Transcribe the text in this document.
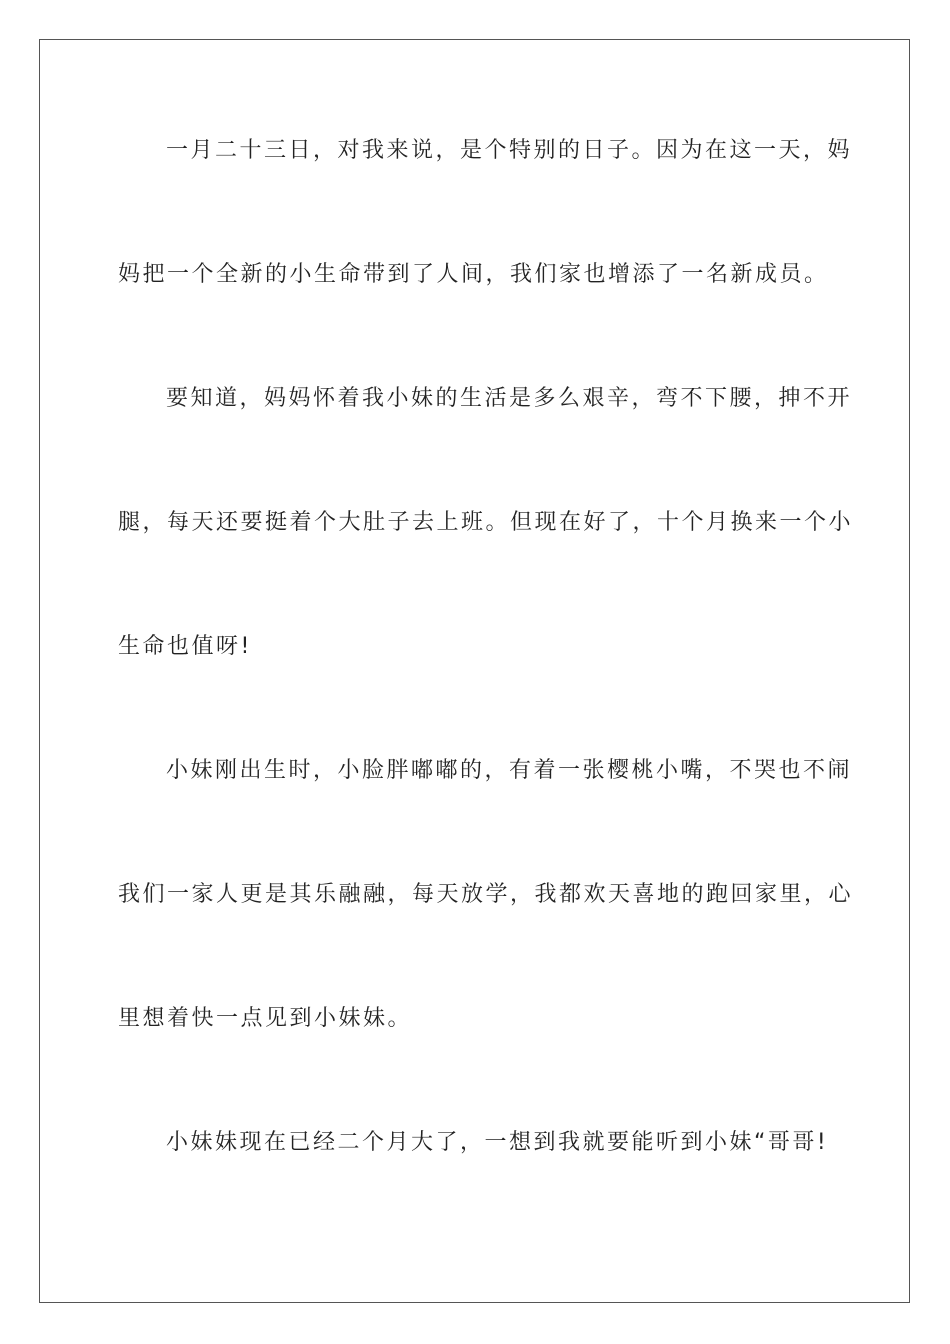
一月二十三日，对我来说，是个特别的日子。因为在这一天，妈
妈把一个全新的小生命带到了人间，我们家也增添了一名新成员。
要知道，妈妈怀着我小妹的生活是多么艰辛，弯不下腰，抻不开
腿，每天还要挺着个大肚子去上班。但现在好了，十个月换来一个小
生命也值呀!
小妹刚出生时，小脸胖嘟嘟的，有着一张樱桃小嘴，不哭也不闹
我们一家人更是其乐融融，每天放学，我都欢天喜地的跑回家里，心
里想着快一点见到小妹妹。
小妹妹现在已经二个月大了，一想到我就要能听到小妹“哥哥!
